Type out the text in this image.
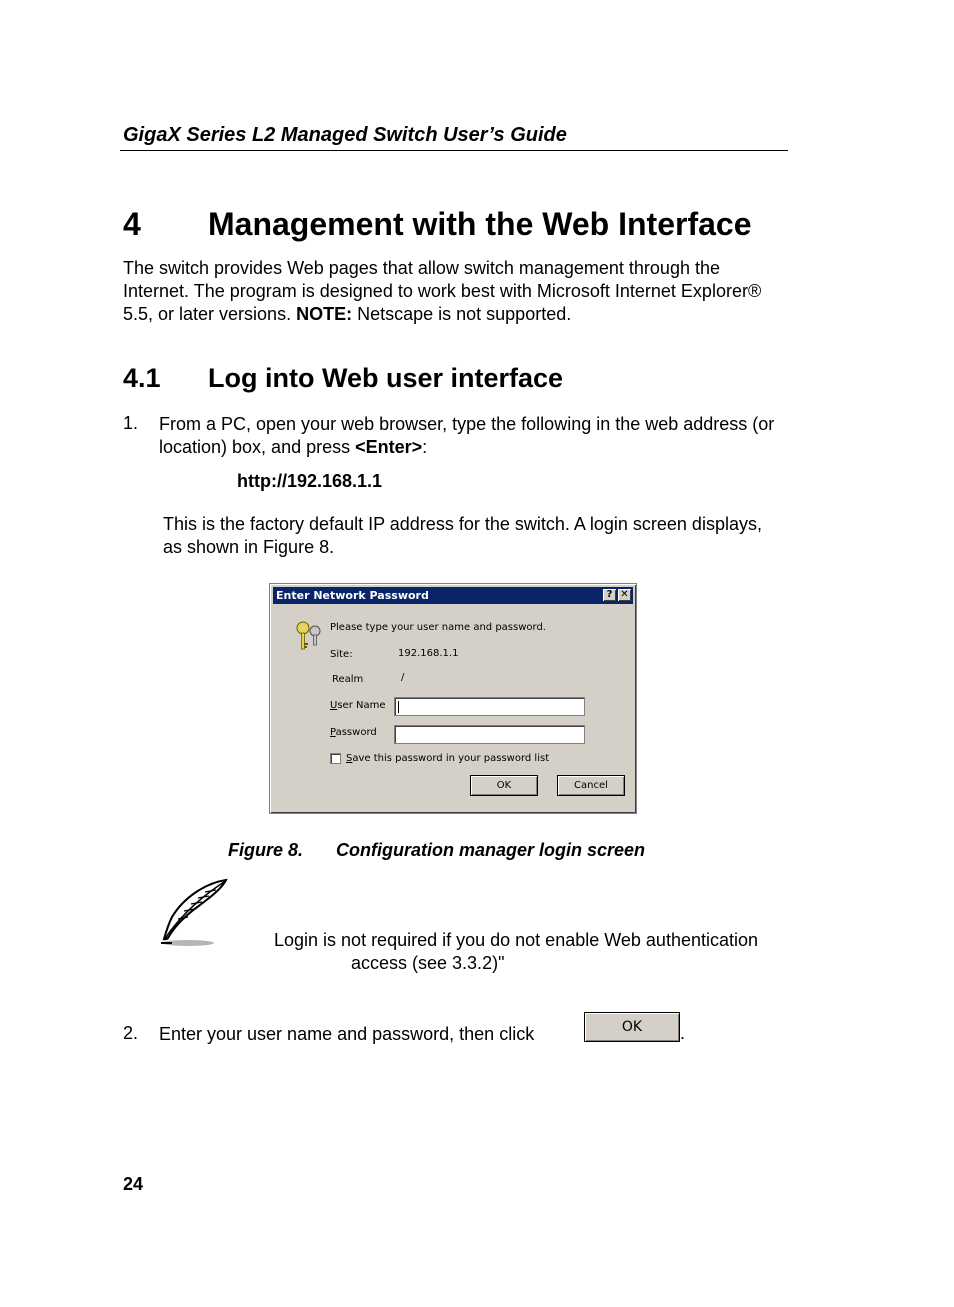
GigaX Series L2 Managed Switch User’s Guide
4 Management with the Web Interface
The switch provides Web pages that allow switch management through the Internet. The program is designed to work best with Microsoft Internet Explorer® 5.5, or later versions. NOTE: Netscape is not supported.
4.1 Log into Web user interface
1. From a PC, open your web browser, type the following in the web address (or location) box, and press <Enter>:
http://192.168.1.1
This is the factory default IP address for the switch. A login screen displays, as shown in Figure 8.
Enter Network Password	? ✕
Please type your user name and password.
Site:	192.168.1.1
Realm	/
User Name
Password
Save this password in your password list
OK	Cancel
Figure 8. Configuration manager login screen
Login is not required if you do not enable Web authentication
access (see 3.3.2)"
2. Enter your user name and password, then click	OK	.
24
